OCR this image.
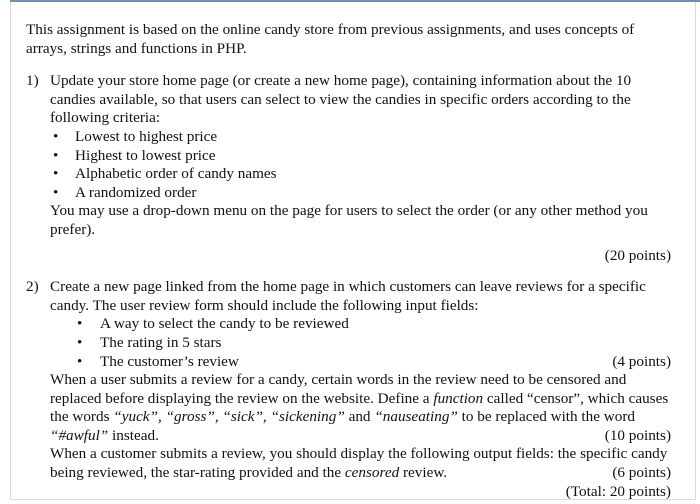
This assignment is based on the online candy store from previous assignments, and uses concepts of arrays, strings and functions in PHP.

1) Update your store home page (or create a new home page), containing information about the 10 candies available, so that users can select to view the candies in specific orders according to the following criteria:

• Lowest to highest price
• Highest to lowest price
• Alphabetic order of candy names
• A randomized order

You may use a drop-down menu on the page for users to select the order (or any other method you prefer).

(20 points)

2) Create a new page linked from the home page in which customers can leave reviews for a specific candy. The user review form should include the following input fields:

• A way to select the candy to be reviewed
• The rating in 5 stars
• The customer’s review	(4 points)

When a user submits a review for a candy, certain words in the review need to be censored and replaced before displaying the review on the website. Define a function called “censor”, which causes the words “yuck”, “gross”, “sick”, “sickening” and “nauseating” to be replaced with the word

“#awful” instead.	(10 points)

When a customer submits a review, you should display the following output fields: the specific candy being reviewed, the star-rating provided and the censored review.	(6 points)

(Total: 20 points)
